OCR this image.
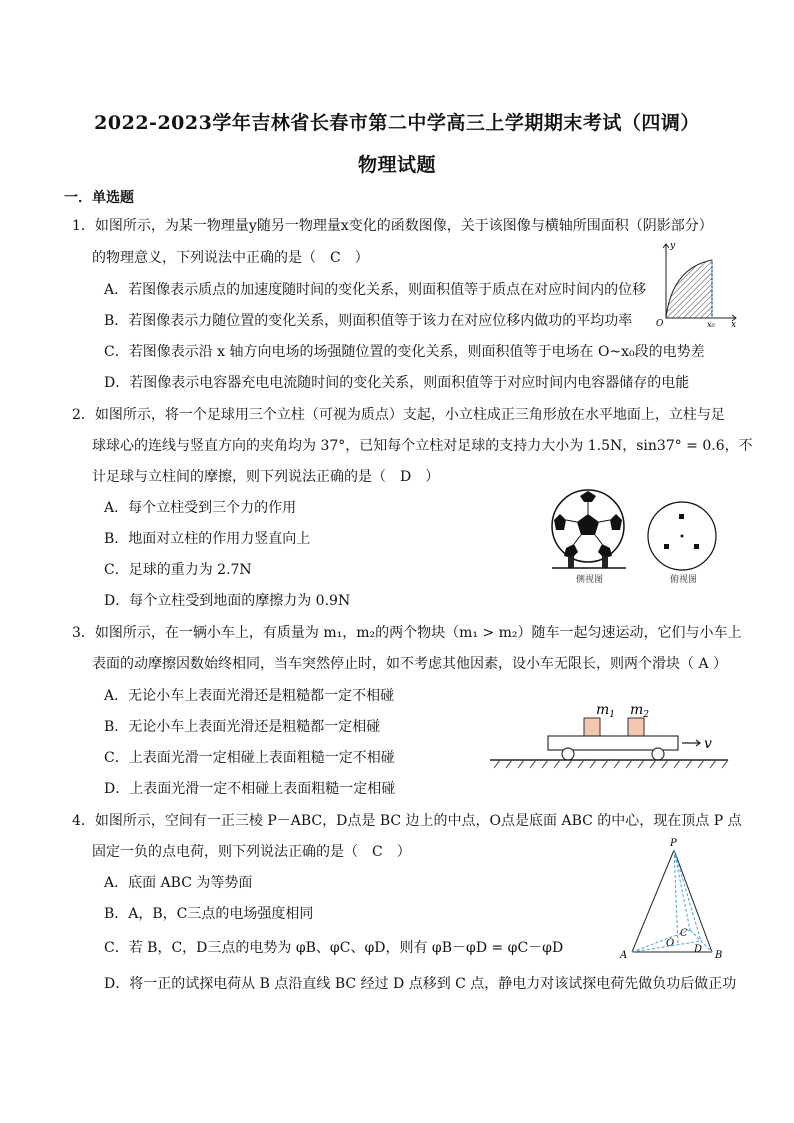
2022-2023学年吉林省长春市第二中学高三上学期期末考试（四调）
物理试题
一．单选题
1．如图所示，为某一物理量y随另一物理量x变化的函数图像，关于该图像与横轴所围面积（阴影部分）
的物理意义，下列说法中正确的是（　C　）
A．若图像表示质点的加速度随时间的变化关系，则面积值等于质点在对应时间内的位移
B．若图像表示力随位置的变化关系，则面积值等于该力在对应位移内做功的平均功率
C．若图像表示沿 x 轴方向电场的场强随位置的变化关系，则面积值等于电场在 O~x₀段的电势差
D．若图像表示电容器充电电流随时间的变化关系，则面积值等于对应时间内电容器储存的电能
y
x
O	x₀
2．如图所示，将一个足球用三个立柱（可视为质点）支起，小立柱成正三角形放在水平地面上，立柱与足
球球心的连线与竖直方向的夹角均为 37°，已知每个立柱对足球的支持力大小为 1.5N，sin37° = 0.6，不
计足球与立柱间的摩擦，则下列说法正确的是（　D　）
A．每个立柱受到三个力的作用
B．地面对立柱的作用力竖直向上
C．足球的重力为 2.7N
D．每个立柱受到地面的摩擦力为 0.9N
侧视图	俯视图
3．如图所示，在一辆小车上，有质量为 m₁，m₂的两个物块（m₁ > m₂）随车一起匀速运动，它们与小车上
表面的动摩擦因数始终相同，当车突然停止时，如不考虑其他因素，设小车无限长，则两个滑块（ A ）
A．无论小车上表面光滑还是粗糙都一定不相碰
B．无论小车上表面光滑还是粗糙都一定相碰
C．上表面光滑一定相碰上表面粗糙一定不相碰
D．上表面光滑一定不相碰上表面粗糙一定相碰
$m_1$ $m_2$
v
4．如图所示，空间有一正三棱 P－ABC，D点是 BC 边上的中点，O点是底面 ABC 的中心，现在顶点 P 点
固定一负的点电荷，则下列说法正确的是（　C　）
A．底面 ABC 为等势面
B．A，B，C三点的电场强度相同
C．若 B，C，D三点的电势为 φB、φC、φD，则有 φB－φD = φC－φD
D．将一正的试探电荷从 B 点沿直线 BC 经过 D 点移到 C 点，静电力对该试探电荷先做负功后做正功
P
A	B
C
D
O
